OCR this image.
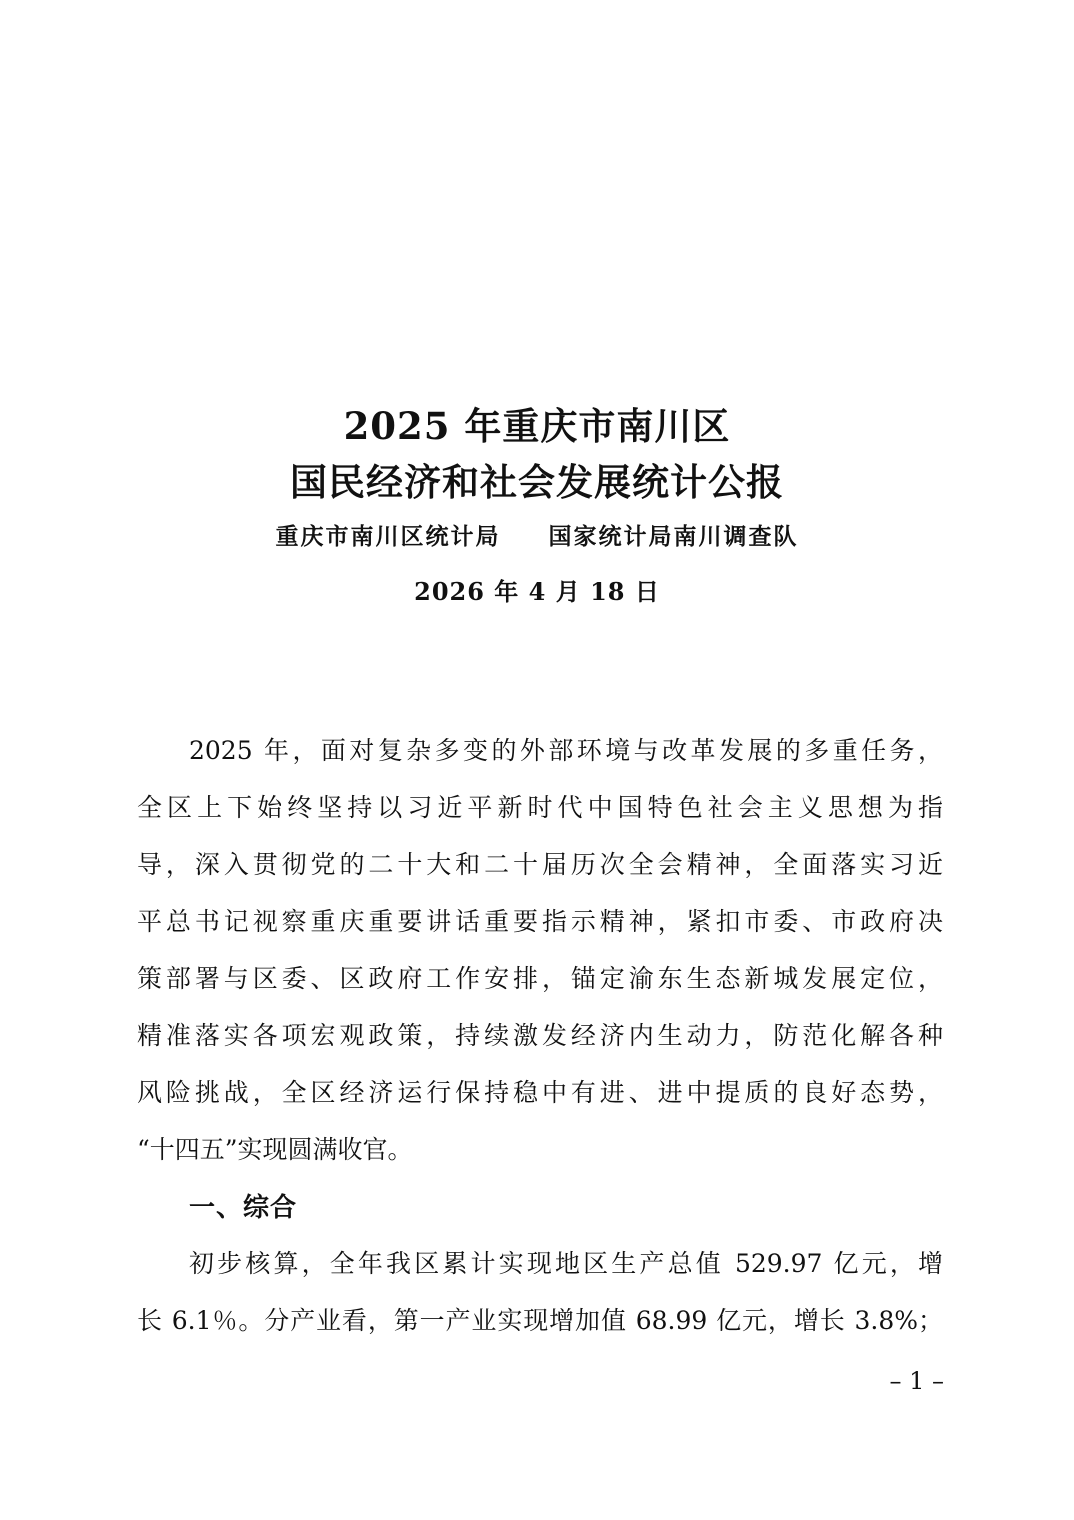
2025 年重庆市南川区
国民经济和社会发展统计公报
重庆市南川区统计局 国家统计局南川调查队
2026 年 4 月 18 日
2025 年，面对复杂多变的外部环境与改革发展的多重任务，
全区上下始终坚持以习近平新时代中国特色社会主义思想为指
导，深入贯彻党的二十大和二十届历次全会精神，全面落实习近
平总书记视察重庆重要讲话重要指示精神，紧扣市委、市政府决
策部署与区委、区政府工作安排，锚定渝东生态新城发展定位，
精准落实各项宏观政策，持续激发经济内生动力，防范化解各种
风险挑战，全区经济运行保持稳中有进、进中提质的良好态势，
“十四五”实现圆满收官。
一、综合
初步核算，全年我区累计实现地区生产总值 529.97 亿元，增
长 6.1％。分产业看，第一产业实现增加值 68.99 亿元，增长 3.8%；
– 1 –
